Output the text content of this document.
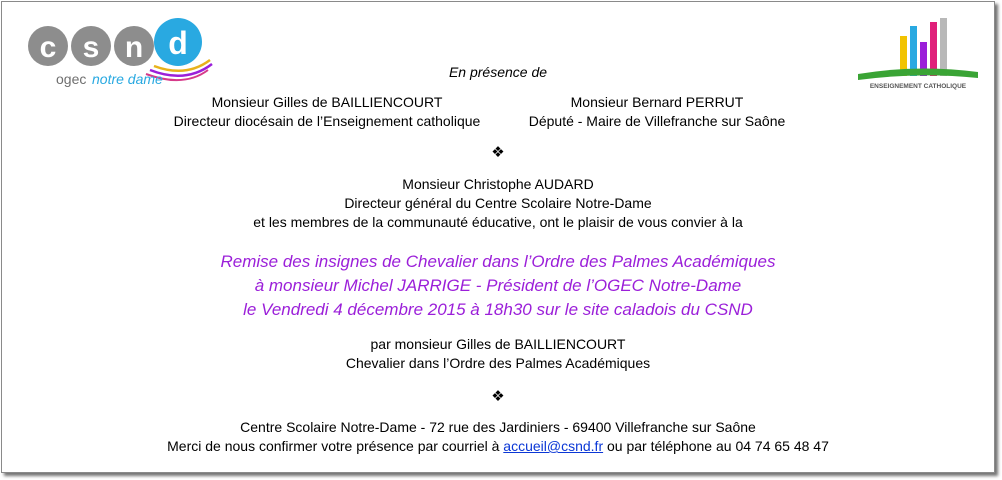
c s n d
ogec notre dame	ENSEIGNEMENT CATHOLIQUE
En présence de
Monsieur Gilles de BAILLIENCOURT
Directeur diocésain de l’Enseignement catholique
Monsieur Bernard PERRUT
Député - Maire de Villefranche sur Saône
❖
Monsieur Christophe AUDARD
Directeur général du Centre Scolaire Notre-Dame
et les membres de la communauté éducative, ont le plaisir de vous convier à la
Remise des insignes de Chevalier dans l’Ordre des Palmes Académiques
à monsieur Michel JARRIGE - Président de l’OGEC Notre-Dame
le Vendredi 4 décembre 2015 à 18h30 sur le site caladois du CSND
par monsieur Gilles de BAILLIENCOURT
Chevalier dans l’Ordre des Palmes Académiques
❖
Centre Scolaire Notre-Dame - 72 rue des Jardiniers - 69400 Villefranche sur Saône
Merci de nous confirmer votre présence par courriel à accueil@csnd.fr ou par téléphone au 04 74 65 48 47
